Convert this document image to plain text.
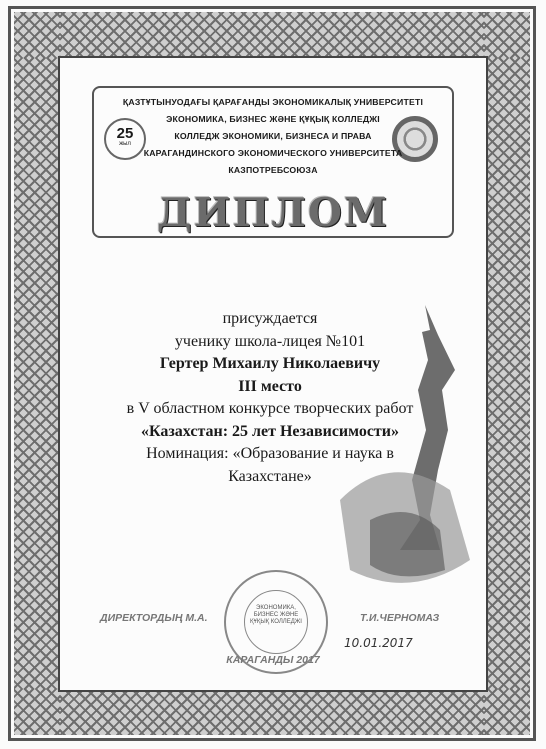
25
жыл
ҚАЗТҰТЫНУОДАҒЫ ҚАРАҒАНДЫ ЭКОНОМИКАЛЫҚ УНИВЕРСИТЕТІ
ЭКОНОМИКА, БИЗНЕС ЖӘНЕ ҚҰҚЫҚ КОЛЛЕДЖІ
КОЛЛЕДЖ ЭКОНОМИКИ, БИЗНЕСА И ПРАВА
КАРАГАНДИНСКОГО ЭКОНОМИЧЕСКОГО УНИВЕРСИТЕТА КАЗПОТРЕБСОЮЗА
ДИПЛОМ
присуждается
ученику школа-лицея №101
Гертер Михаилу Николаевичу
III место
в V областном конкурсе творческих работ
«Казахстан: 25 лет Независимости»
Номинация: «Образование и наука в
Казахстане»
ЭКОНОМИКА, БИЗНЕС ЖӘНЕ ҚҰҚЫҚ КОЛЛЕДЖІ
ДИРЕКТОРДЫҢ М.А.	Т.И.ЧЕРНОМАЗ
10.01.2017
КАРАГАНДЫ 2017
